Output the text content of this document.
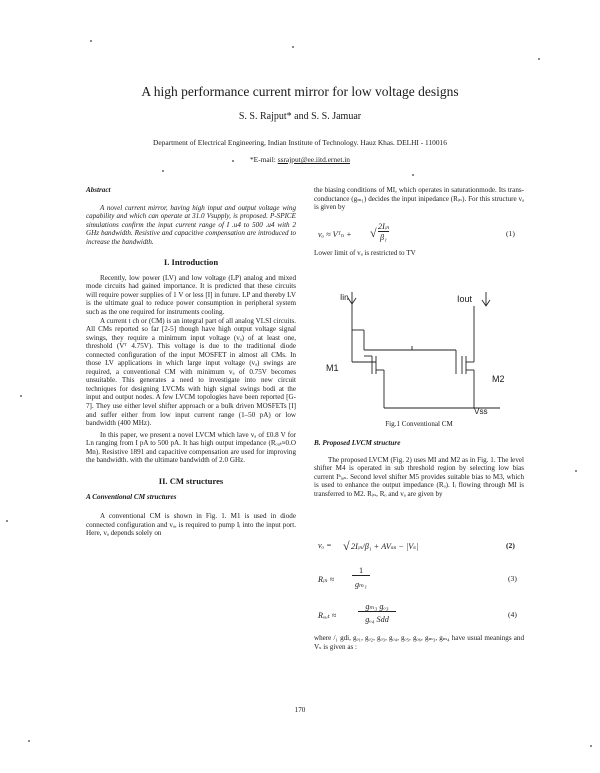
A high performance current mirror for low voltage designs
S. S. Rajput* and S. S. Jamuar
Department of Electrical Engineering, Indian Institute of Technology. Hauz Khas. DELHI - 110016
*E-mail: ssrajput@ee.iitd.ernet.in

Abstract

A novel current mirror, having high input and output voltage wing capability and which can operate at 31.0 Vsupply, is proposed. P-SPICE simulations confirm the input current range of I .u4 to 500 .u4 with 2 GHz bandwidth. Resistive and capacitive compensation are introduced to increase the bandwidth.

I. Introduction

Recently, low power (LV) and low voltage (LP) analog and mixed mode circuits had gained importance. It is predicted that these circuits will require power supplies of 1 V or less [I] in future. LP and thereby LV is the ultimate goal to reduce power consumption in peripheral system such as the one required for instruments cooling.

A current t ch or (CM) is an integral part of all analog VLSI circuits. All CMs reported so far [2-5] though have high output voltage signal swings, they require a minimum input voltage (vₐ) of at least one, threshold (Vᵀ 4.75V). This voltage is due to the traditional diode connected configuration of the input MOSFET in almost all CMs. In those LV applications in which large input voltage (vₐ) swings are required, a conventional CM with minimum vₐ of 0.75V becomes unsuitable. This generates a need to investigate into new circuit techniques for designing LVCMs with high signal swings bodi at the input and output nodes. A few LVCM topologies have been reported [G-7]. They use either level shifter approach or a bulk driven MOSFETs [I] and suffer either from low input current range (1‒50 pA) or low bandwidth (400 MHz).

In this paper, we present a novel LVCM which lave vₐ of £0.8 V for Ln ranging from I pA to 500 pA. It has high output impedance (Rₒᵤₜ≈0.O Mn). Resistive 1891 and capacitive compensation are used for improving the bandwidth. with the ultimate bandwidth of 2.0 GHz.

II. CM structures

A Conventional CM structures

A conventional CM is shown in Fig. 1. M1 is used in diode connected configuration and vₐ, is required to pump Iᵢ into the input port. Here, vₐ depends solely on

the biasing conditions of MI, which operates in saturationmode. Its trans-conductance (gₘ₁) decides the input inipedance (Rᵢₙ). For this structure vₐ is given by

vₐ ≈ Vᵀₙ + √ 2Iᵢₙ
β₁	(1)

Lower limit of vₐ is restricted to TV

Iin	Iout
M1
M2
Vss
Fig.1 Conventional CM

B. Proposed LVCM structure

The proposed LVCM (Fig. 2) uses MI and M2 as in Fig. 1. The level shifter M4 is operated in sub threshold region by selecting low bias current Iᵇᵢₐₛ. Second level shifter M5 provides suitable bias to M3, which is used to enhance the output impedance (Rₒ). Iᵢ flowing through MI is transferred to M2. Rᵢₙ, Rₒ and vₐ are given by

vₐ = √ 2Iᵢₙ/β₁ + AVₛₛ − |Vₛ|	(2)
Rᵢₙ ≈
1
gₘ₁
(3)
Rₒᵤₜ ≈
gₘ₃ gₒ₃
gₒ₄ Sdd
(4)

where /₁ gdi, gₒ₁, gₒ₂, gₒ₃, gₒ₄, gₒ₅, gₒ₆, gₘ₃, gₘ₄ have usual meanings and Vₛ is given as :

170
